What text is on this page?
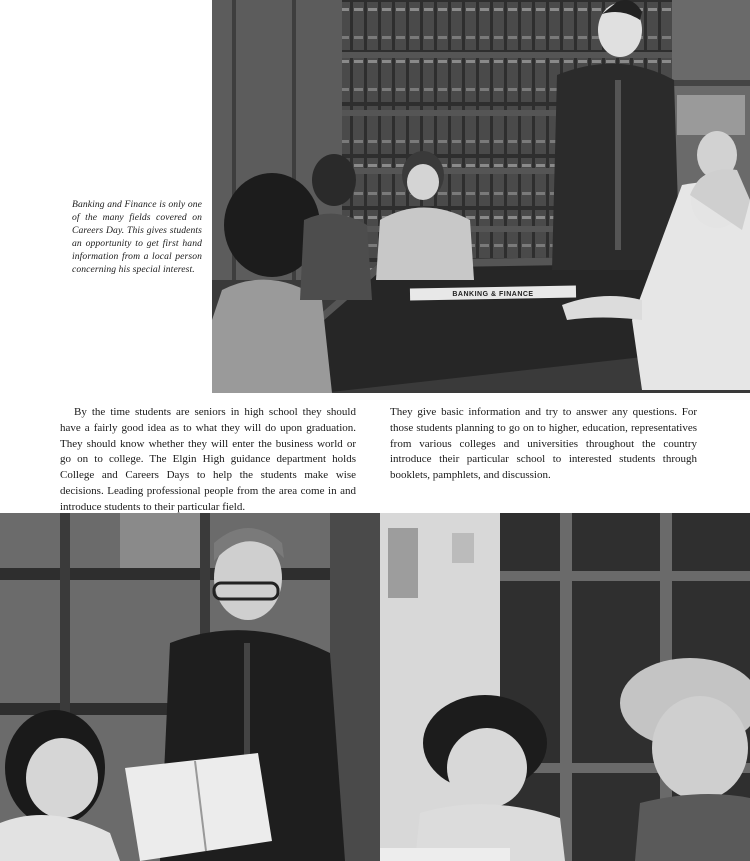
Banking and Finance is only one of the many fields covered on Careers Day. This gives students an opportunity to get first hand information from a local person concerning his special interest.
BANKING & FINANCE

By the time students are seniors in high school they should have a fairly good idea as to what they will do upon graduation. They should know whether they will enter the business world or go on to college. The Elgin High guidance department holds College and Careers Days to help the students make wise decisions. Leading professional people from the area come in and introduce students to their particular field.

They give basic information and try to answer any questions. For those students planning to go on to higher, education, representatives from various colleges and universities throughout the country introduce their particular school to interested students through booklets, pamphlets, and discussion.
